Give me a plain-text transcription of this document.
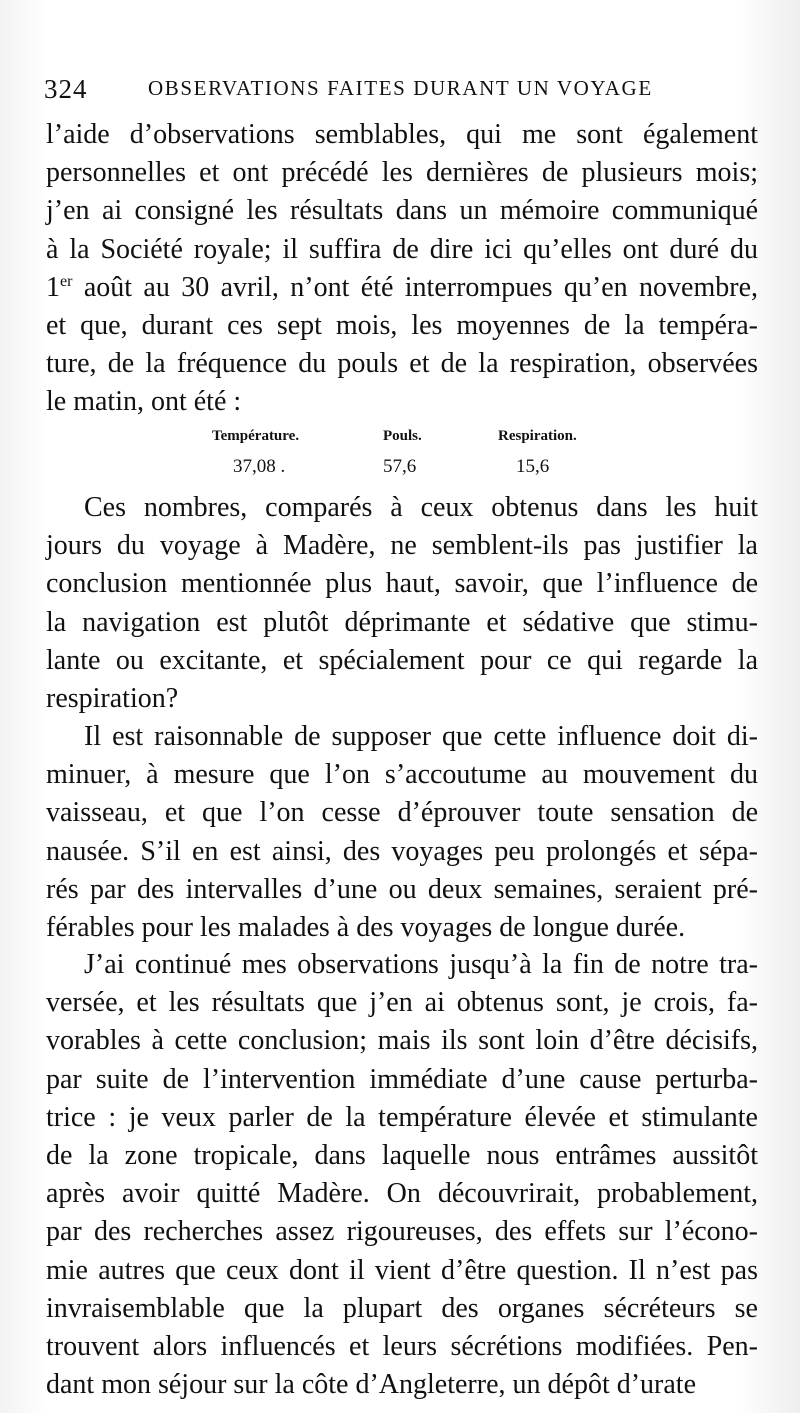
324	OBSERVATIONS FAITES DURANT UN VOYAGE
l’aide d’observations semblables, qui me sont également
personnelles et ont précédé les dernières de plusieurs mois;
j’en ai consigné les résultats dans un mémoire communiqué
à la Société royale; il suffira de dire ici qu’elles ont duré du
1er août au 30 avril, n’ont été interrompues qu’en novembre,
et que, durant ces sept mois, les moyennes de la tempéra-
ture, de la fréquence du pouls et de la respiration, observées
le matin, ont été :
Température.	Pouls.	Respiration.
37,08 .	57,6	15,6
Ces nombres, comparés à ceux obtenus dans les huit
jours du voyage à Madère, ne semblent-ils pas justifier la
conclusion mentionnée plus haut, savoir, que l’influence de
la navigation est plutôt déprimante et sédative que stimu-
lante ou excitante, et spécialement pour ce qui regarde la
respiration?
Il est raisonnable de supposer que cette influence doit di-
minuer, à mesure que l’on s’accoutume au mouvement du
vaisseau, et que l’on cesse d’éprouver toute sensation de
nausée. S’il en est ainsi, des voyages peu prolongés et sépa-
rés par des intervalles d’une ou deux semaines, seraient pré-
férables pour les malades à des voyages de longue durée.
J’ai continué mes observations jusqu’à la fin de notre tra-
versée, et les résultats que j’en ai obtenus sont, je crois, fa-
vorables à cette conclusion; mais ils sont loin d’être décisifs,
par suite de l’intervention immédiate d’une cause perturba-
trice : je veux parler de la température élevée et stimulante
de la zone tropicale, dans laquelle nous entrâmes aussitôt
après avoir quitté Madère. On découvrirait, probablement,
par des recherches assez rigoureuses, des effets sur l’écono-
mie autres que ceux dont il vient d’être question. Il n’est pas
invraisemblable que la plupart des organes sécréteurs se
trouvent alors influencés et leurs sécrétions modifiées. Pen-
dant mon séjour sur la côte d’Angleterre, un dépôt d’urate
